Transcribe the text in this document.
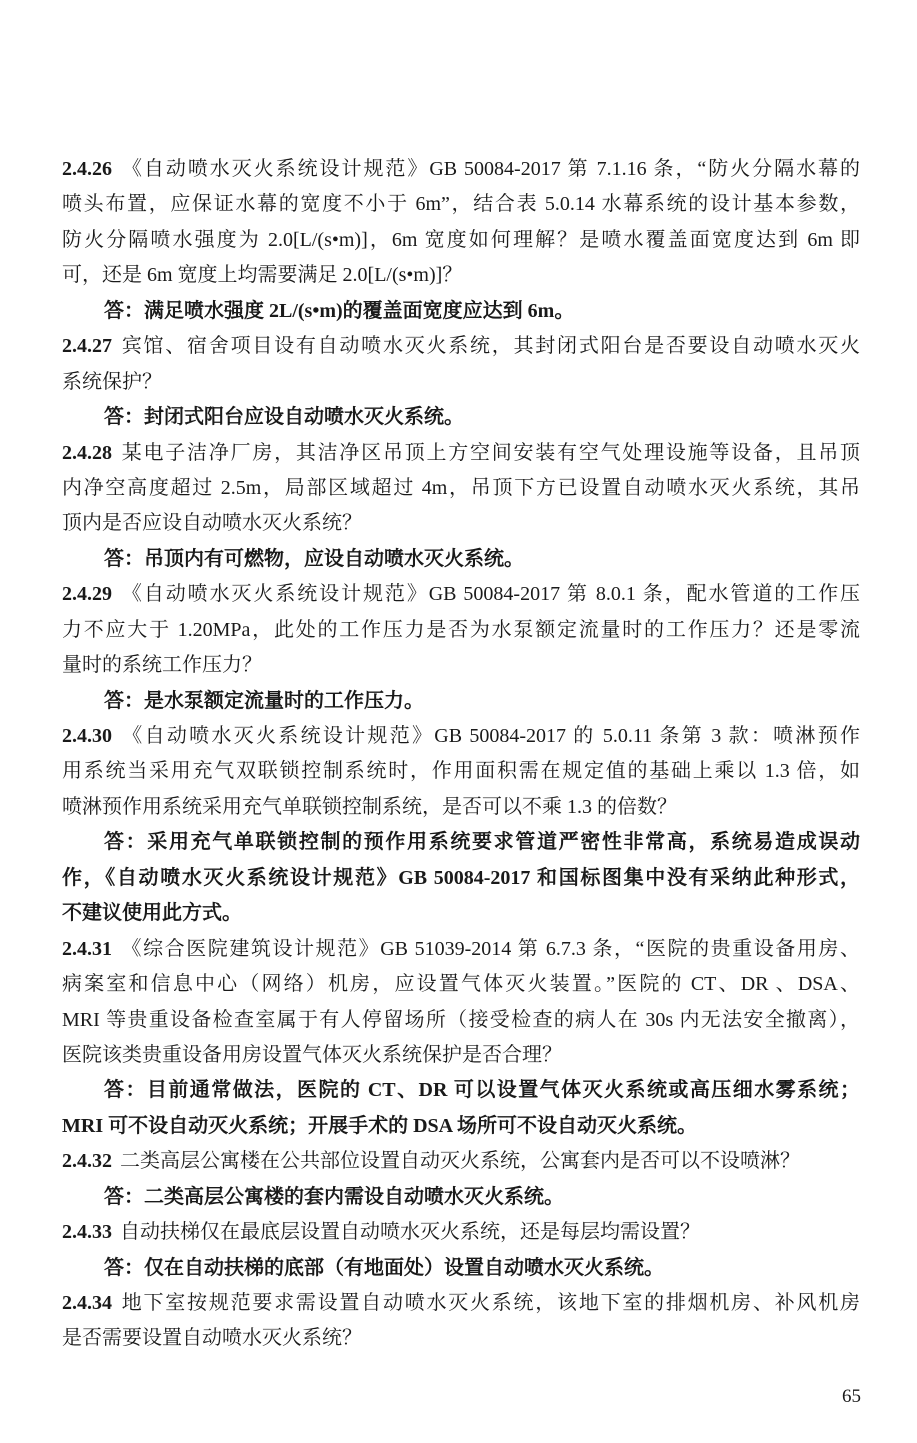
2.4.26 《自动喷水灭火系统设计规范》GB 50084-2017 第 7.1.16 条，“防火分隔水幕的
喷头布置，应保证水幕的宽度不小于 6m”，结合表 5.0.14 水幕系统的设计基本参数，
防火分隔喷水强度为 2.0[L/(s•m)]，6m 宽度如何理解？是喷水覆盖面宽度达到 6m 即
可，还是 6m 宽度上均需要满足 2.0[L/(s•m)]？
答：满足喷水强度 2L/(s•m)的覆盖面宽度应达到 6m。
2.4.27 宾馆、宿舍项目设有自动喷水灭火系统，其封闭式阳台是否要设自动喷水灭火
系统保护？
答：封闭式阳台应设自动喷水灭火系统。
2.4.28 某电子洁净厂房，其洁净区吊顶上方空间安装有空气处理设施等设备，且吊顶
内净空高度超过 2.5m，局部区域超过 4m，吊顶下方已设置自动喷水灭火系统，其吊
顶内是否应设自动喷水灭火系统？
答：吊顶内有可燃物，应设自动喷水灭火系统。
2.4.29 《自动喷水灭火系统设计规范》GB 50084-2017 第 8.0.1 条，配水管道的工作压
力不应大于 1.20MPa，此处的工作压力是否为水泵额定流量时的工作压力？还是零流
量时的系统工作压力？
答：是水泵额定流量时的工作压力。
2.4.30 《自动喷水灭火系统设计规范》GB 50084-2017 的 5.0.11 条第 3 款：喷淋预作
用系统当采用充气双联锁控制系统时，作用面积需在规定值的基础上乘以 1.3 倍，如
喷淋预作用系统采用充气单联锁控制系统，是否可以不乘 1.3 的倍数？
答：采用充气单联锁控制的预作用系统要求管道严密性非常高，系统易造成误动
作，《自动喷水灭火系统设计规范》GB 50084-2017 和国标图集中没有采纳此种形式，
不建议使用此方式。
2.4.31 《综合医院建筑设计规范》GB 51039-2014 第 6.7.3 条，“医院的贵重设备用房、
病案室和信息中心（网络）机房，应设置气体灭火装置。”医院的 CT、DR 、DSA、
MRI 等贵重设备检查室属于有人停留场所（接受检查的病人在 30s 内无法安全撤离），
医院该类贵重设备用房设置气体灭火系统保护是否合理？
答：目前通常做法，医院的 CT、DR 可以设置气体灭火系统或高压细水雾系统；
MRI 可不设自动灭火系统；开展手术的 DSA 场所可不设自动灭火系统。
2.4.32 二类高层公寓楼在公共部位设置自动灭火系统，公寓套内是否可以不设喷淋？
答：二类高层公寓楼的套内需设自动喷水灭火系统。
2.4.33 自动扶梯仅在最底层设置自动喷水灭火系统，还是每层均需设置？
答：仅在自动扶梯的底部（有地面处）设置自动喷水灭火系统。
2.4.34 地下室按规范要求需设置自动喷水灭火系统，该地下室的排烟机房、补风机房
是否需要设置自动喷水灭火系统？
65
